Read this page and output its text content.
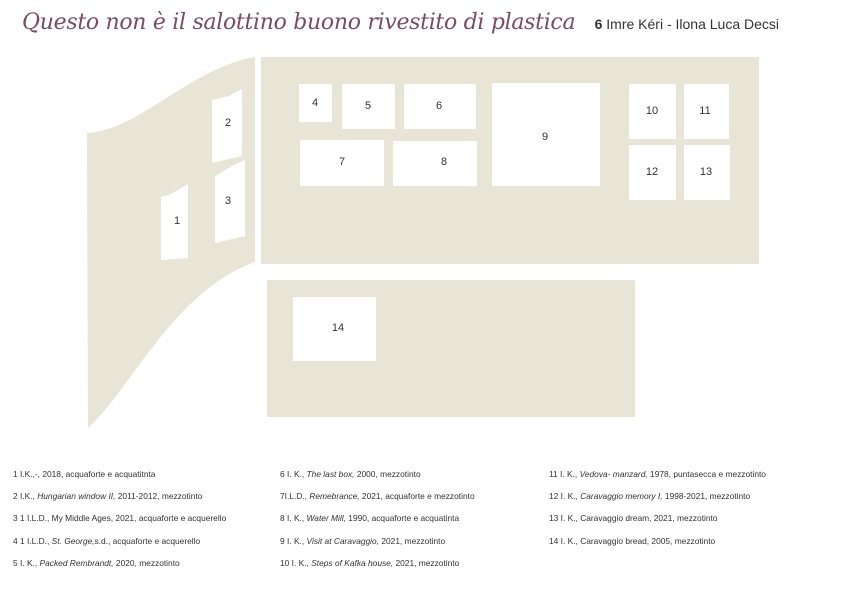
Questo non è il salottino buono rivestito di plastica 6 Imre Kéri - Ilona Luca Decsi
1
2
3
4	5	6
7	8
9
10	11
12	13
14
1 I.K.,-, 2018, acquaforte e acquatitnta
2 I.K., Hungarian window II, 2011-2012, mezzotinto
3 1 I.L.D., My Middle Ages, 2021, acquaforte e acquerello
4 1 I.L.D., St. George,s.d., acquaforte e acquerello
5 I. K., Packed Rembrandt, 2020, mezzotinto
6 I. K., The last box, 2000, mezzotinto
7I.L.D., Remebrance, 2021, acquaforte e mezzotinto
8 I. K., Water Mill, 1990, acquaforte e acquatinta
9 I. K., Visit at Caravaggio, 2021, mezzotinto
10 I. K., Steps of Kafka house, 2021, mezzotinto
11 I. K., Vedova- manzard, 1978, puntasecca e mezzotinto
12 I. K., Caravaggio memory I, 1998-2021, mezzotinto
13 I. K., Caravaggio dream, 2021, mezzotinto
14 I. K., Caravaggio bread, 2005, mezzotinto
